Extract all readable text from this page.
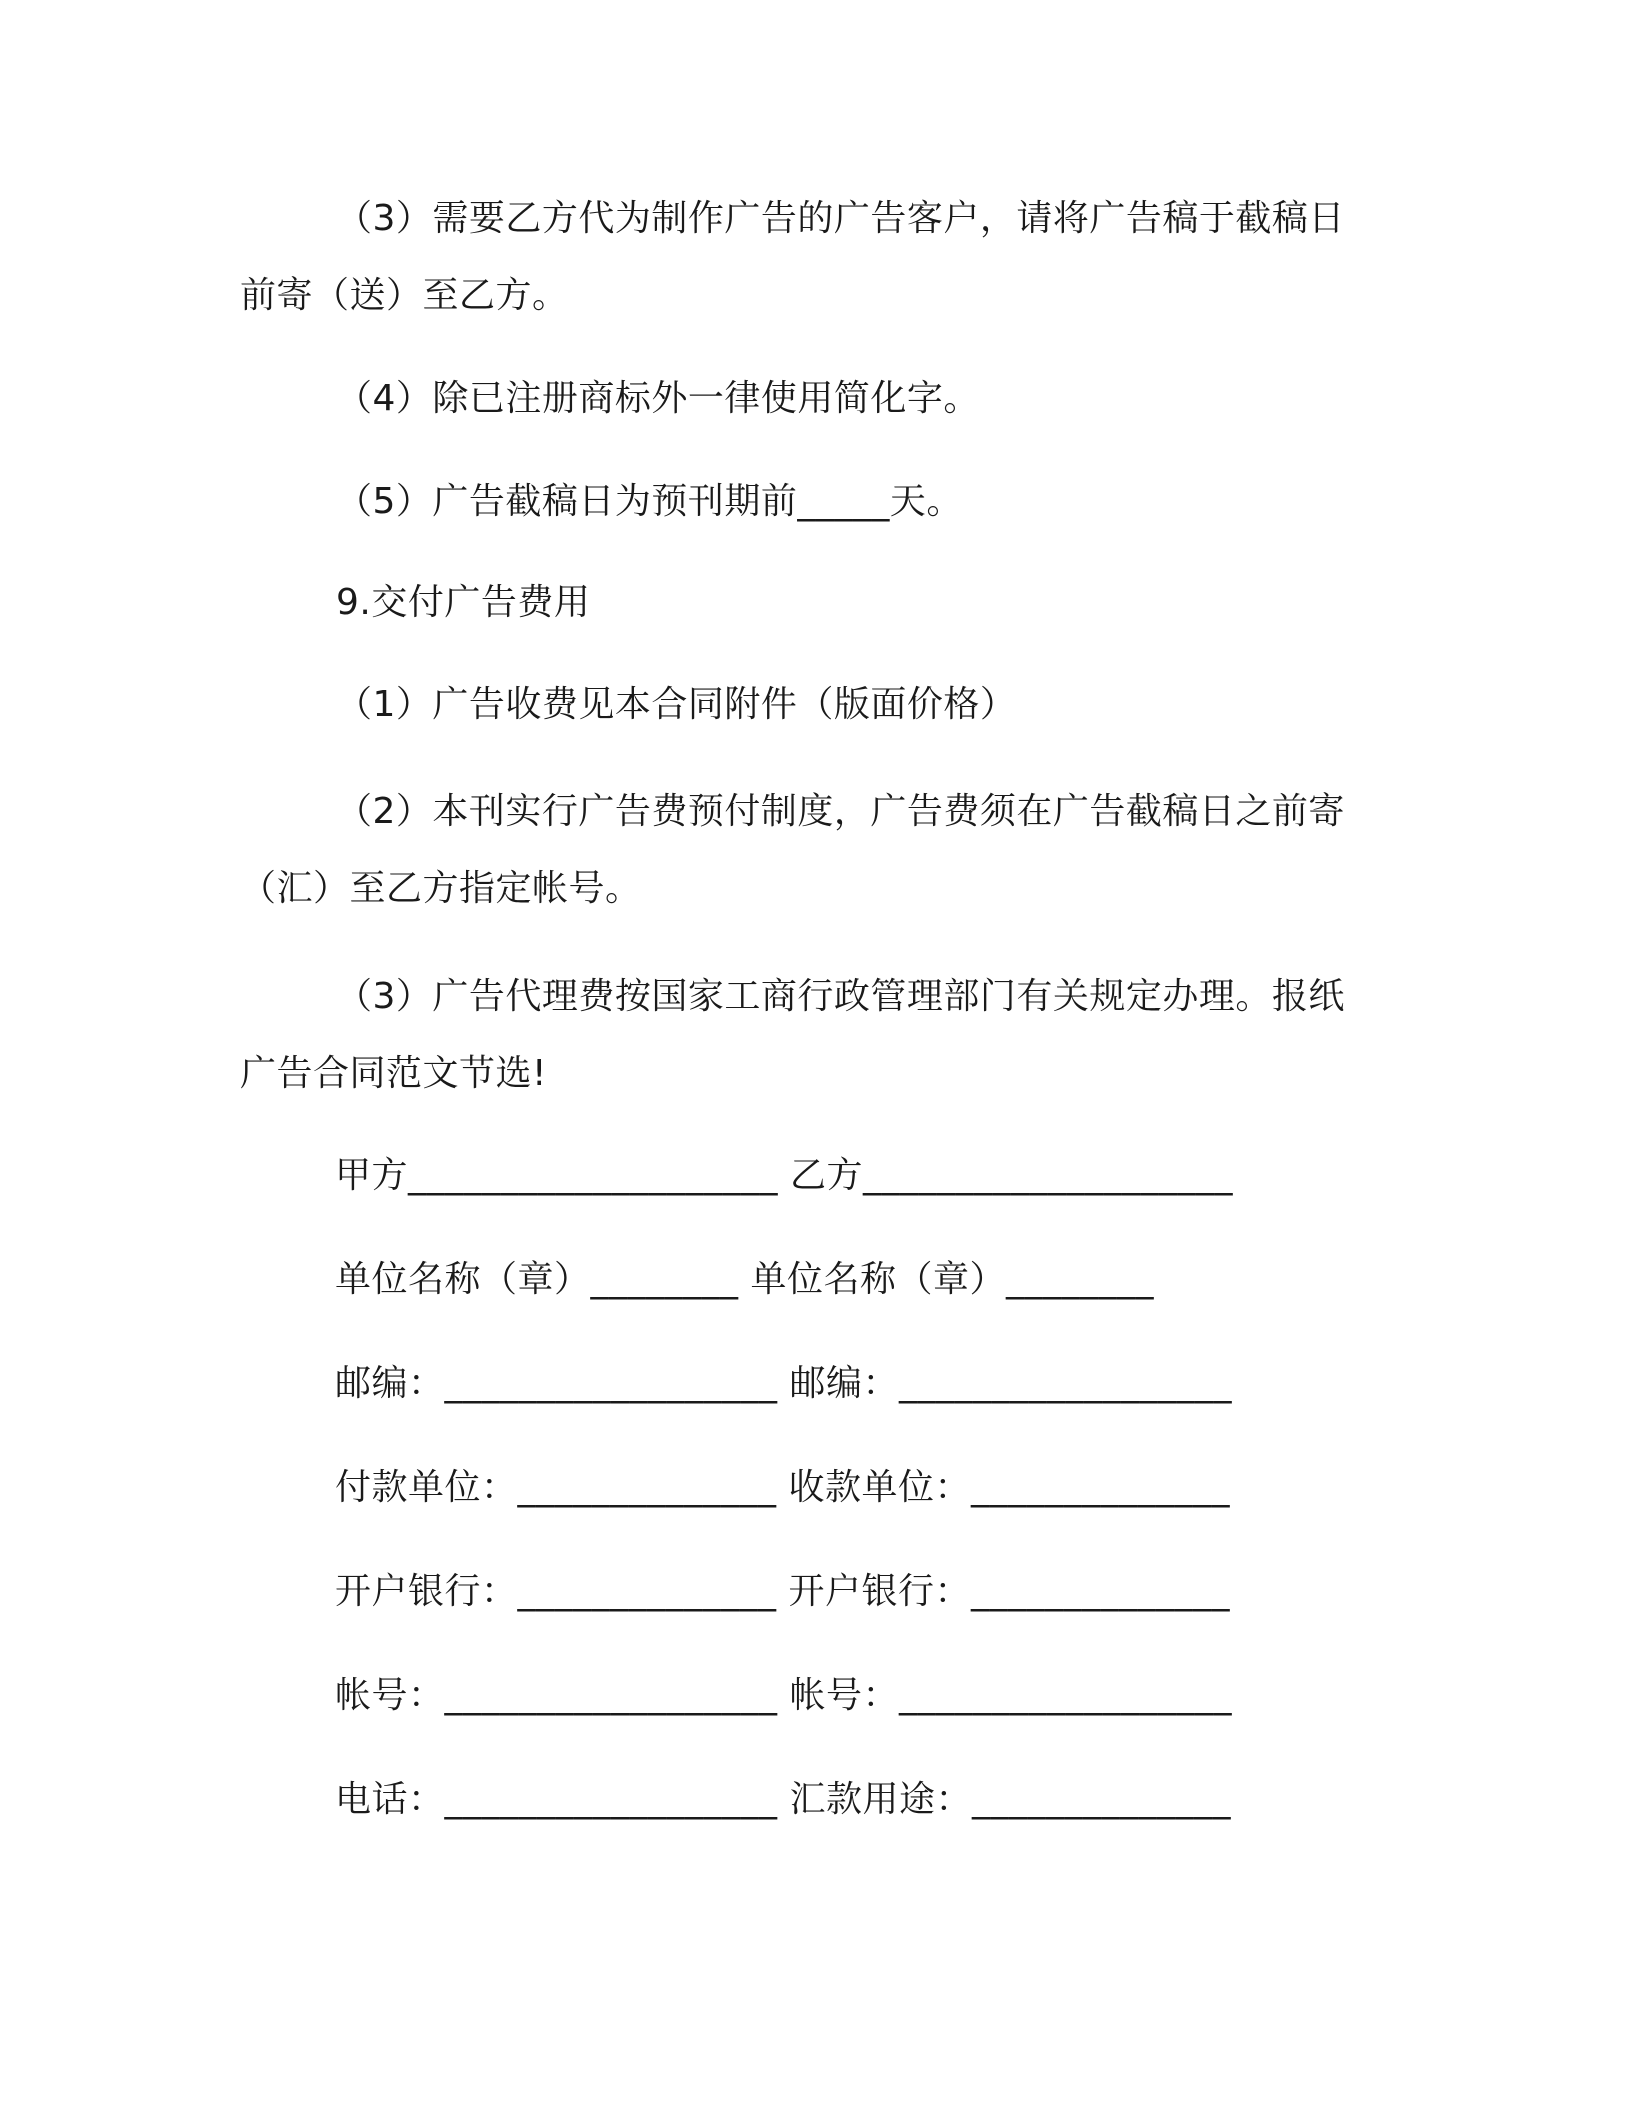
（3）需要乙方代为制作广告的广告客户，请将广告稿于截稿日前寄（送）至乙方。
（4）除已注册商标外一律使用简化字。
（5）广告截稿日为预刊期前_____天。
9.交付广告费用
（1）广告收费见本合同附件（版面价格）
（2）本刊实行广告费预付制度，广告费须在广告截稿日之前寄（汇）至乙方指定帐号。
（3）广告代理费按国家工商行政管理部门有关规定办理。报纸广告合同范文节选!
甲方____________________ 乙方____________________
单位名称（章）________ 单位名称（章）________
邮编：__________________ 邮编：__________________
付款单位：______________ 收款单位：______________
开户银行：______________ 开户银行：______________
帐号：__________________ 帐号：__________________
电话：__________________ 汇款用途：______________
